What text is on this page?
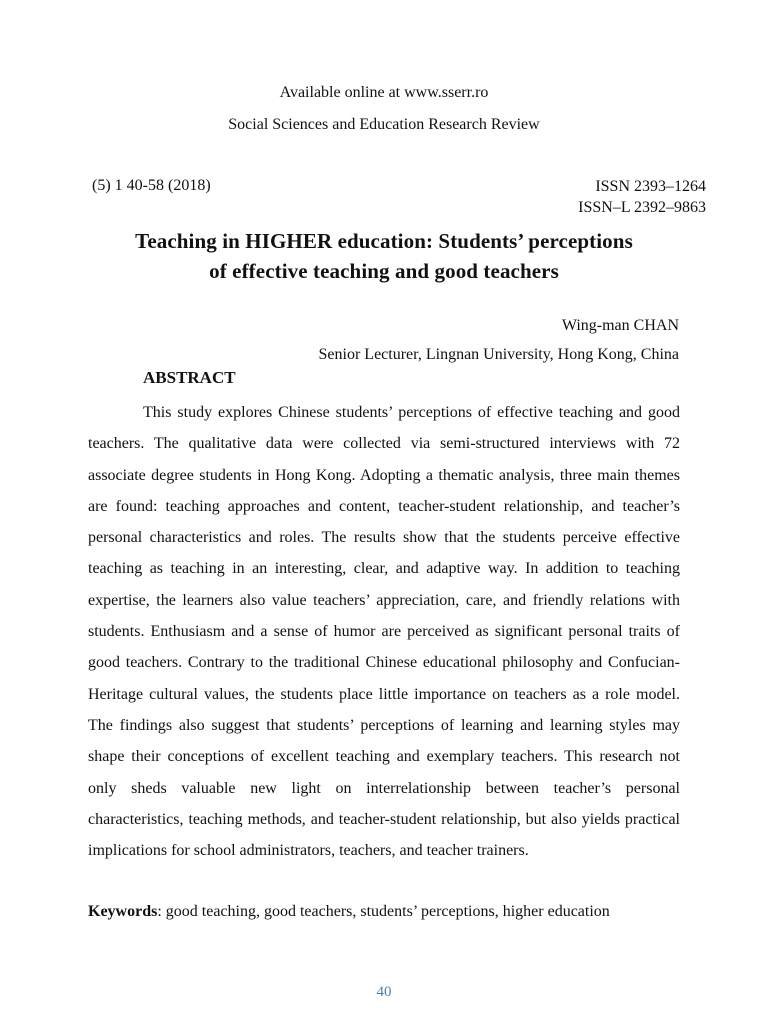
Available online at www.sserr.ro
Social Sciences and Education Research Review
(5) 1 40-58 (2018)	ISSN 2393–1264
ISSN–L 2392–9863
Teaching in HIGHER education: Students’ perceptions
of effective teaching and good teachers
Wing-man CHAN
Senior Lecturer, Lingnan University, Hong Kong, China
ABSTRACT

This study explores Chinese students’ perceptions of effective teaching and good teachers. The qualitative data were collected via semi-structured interviews with 72 associate degree students in Hong Kong. Adopting a thematic analysis, three main themes are found: teaching approaches and content, teacher-student relationship, and teacher’s personal characteristics and roles. The results show that the students perceive effective teaching as teaching in an interesting, clear, and adaptive way. In addition to teaching expertise, the learners also value teachers’ appreciation, care, and friendly relations with students. Enthusiasm and a sense of humor are perceived as significant personal traits of good teachers. Contrary to the traditional Chinese educational philosophy and Confucian-Heritage cultural values, the students place little importance on teachers as a role model. The findings also suggest that students’ perceptions of learning and learning styles may shape their conceptions of excellent teaching and exemplary teachers. This research not only sheds valuable new light on interrelationship between teacher’s personal characteristics, teaching methods, and teacher-student relationship, but also yields practical implications for school administrators, teachers, and teacher trainers.

Keywords: good teaching, good teachers, students’ perceptions, higher education
40
